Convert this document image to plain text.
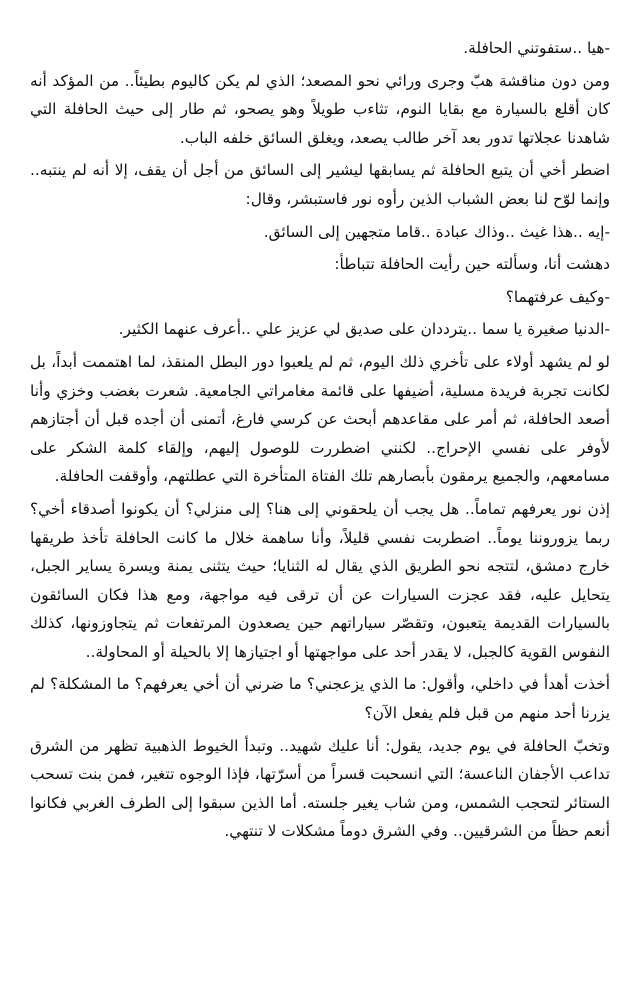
-هيا ..ستفوتني الحافلة.

ومن دون مناقشة هبّ وجرى ورائي نحو المصعد؛ الذي لم يكن كاليوم بطيئاً.. من المؤكد أنه كان أقلع بالسيارة مع بقايا النوم، تثاءب طويلاً وهو يصحو، ثم طار إلى حيث الحافلة التي شاهدنا عجلاتها تدور بعد آخر طالب يصعد، ويغلق السائق خلفه الباب.

اضطر أخي أن يتبع الحافلة ثم يسابقها ليشير إلى السائق من أجل أن يقف، إلا أنه لم ينتبه.. وإنما لوّح لنا بعض الشباب الذين رأوه نور فاستبشر، وقال:

-إيه ..هذا غيث ..وذاك عبادة ..قاما متجهين إلى السائق.

دهشت أنا، وسألته حين رأيت الحافلة تتباطأ:

-وكيف عرفتهما؟

-الدنيا صغيرة يا سما ..يترددان على صديق لي عزيز علي ..أعرف عنهما الكثير.

لو لم يشهد أولاء على تأخري ذلك اليوم، ثم لم يلعبوا دور البطل المنقذ، لما اهتممت أبداً، بل لكانت تجربة فريدة مسلية، أضيفها على قائمة مغامراتي الجامعية. شعرت بغضب وخزي وأنا أصعد الحافلة، ثم أمر على مقاعدهم أبحث عن كرسي فارغ، أتمنى أن أجده قبل أن أجتازهم لأوفر على نفسي الإحراج.. لكنني اضطررت للوصول إليهم، وإلقاء كلمة الشكر على مسامعهم، والجميع يرمقون بأبصارهم تلك الفتاة المتأخرة التي عطلتهم، وأوقفت الحافلة.

إذن نور يعرفهم تماماً.. هل يجب أن يلحقوني إلى هنا؟ إلى منزلي؟ أن يكونوا أصدقاء أخي؟ ربما يزوروننا يوماً.. اضطربت نفسي قليلاً، وأنا ساهمة خلال ما كانت الحافلة تأخذ طريقها خارج دمشق، لتتجه نحو الطريق الذي يقال له الثنايا؛ حيث يتثنى يمنة ويسرة يساير الجبل، يتحايل عليه، فقد عجزت السيارات عن أن ترقى فيه مواجهة، ومع هذا فكان السائقون بالسيارات القديمة يتعبون، وتقصّر سياراتهم حين يصعدون المرتفعات ثم يتجاوزونها، كذلك النفوس القوية كالجبل، لا يقدر أحد على مواجهتها أو اجتيازها إلا بالحيلة أو المحاولة..

أخذت أهدأ في داخلي، وأقول: ما الذي يزعجني؟ ما ضرني أن أخي يعرفهم؟ ما المشكلة؟ لم يزرنا أحد منهم من قبل فلم يفعل الآن؟

وتخبّ الحافلة في يوم جديد، يقول: أنا عليك شهيد.. وتبدأ الخيوط الذهبية تظهر من الشرق تداعب الأجفان الناعسة؛ التي انسحبت قسراً من أسرّتها، فإذا الوجوه تتغير، فمن بنت تسحب الستائر لتحجب الشمس، ومن شاب يغير جلسته. أما الذين سبقوا إلى الطرف الغربي فكانوا أنعم حظاً من الشرقيين.. وفي الشرق دوماً مشكلات لا تنتهي.
